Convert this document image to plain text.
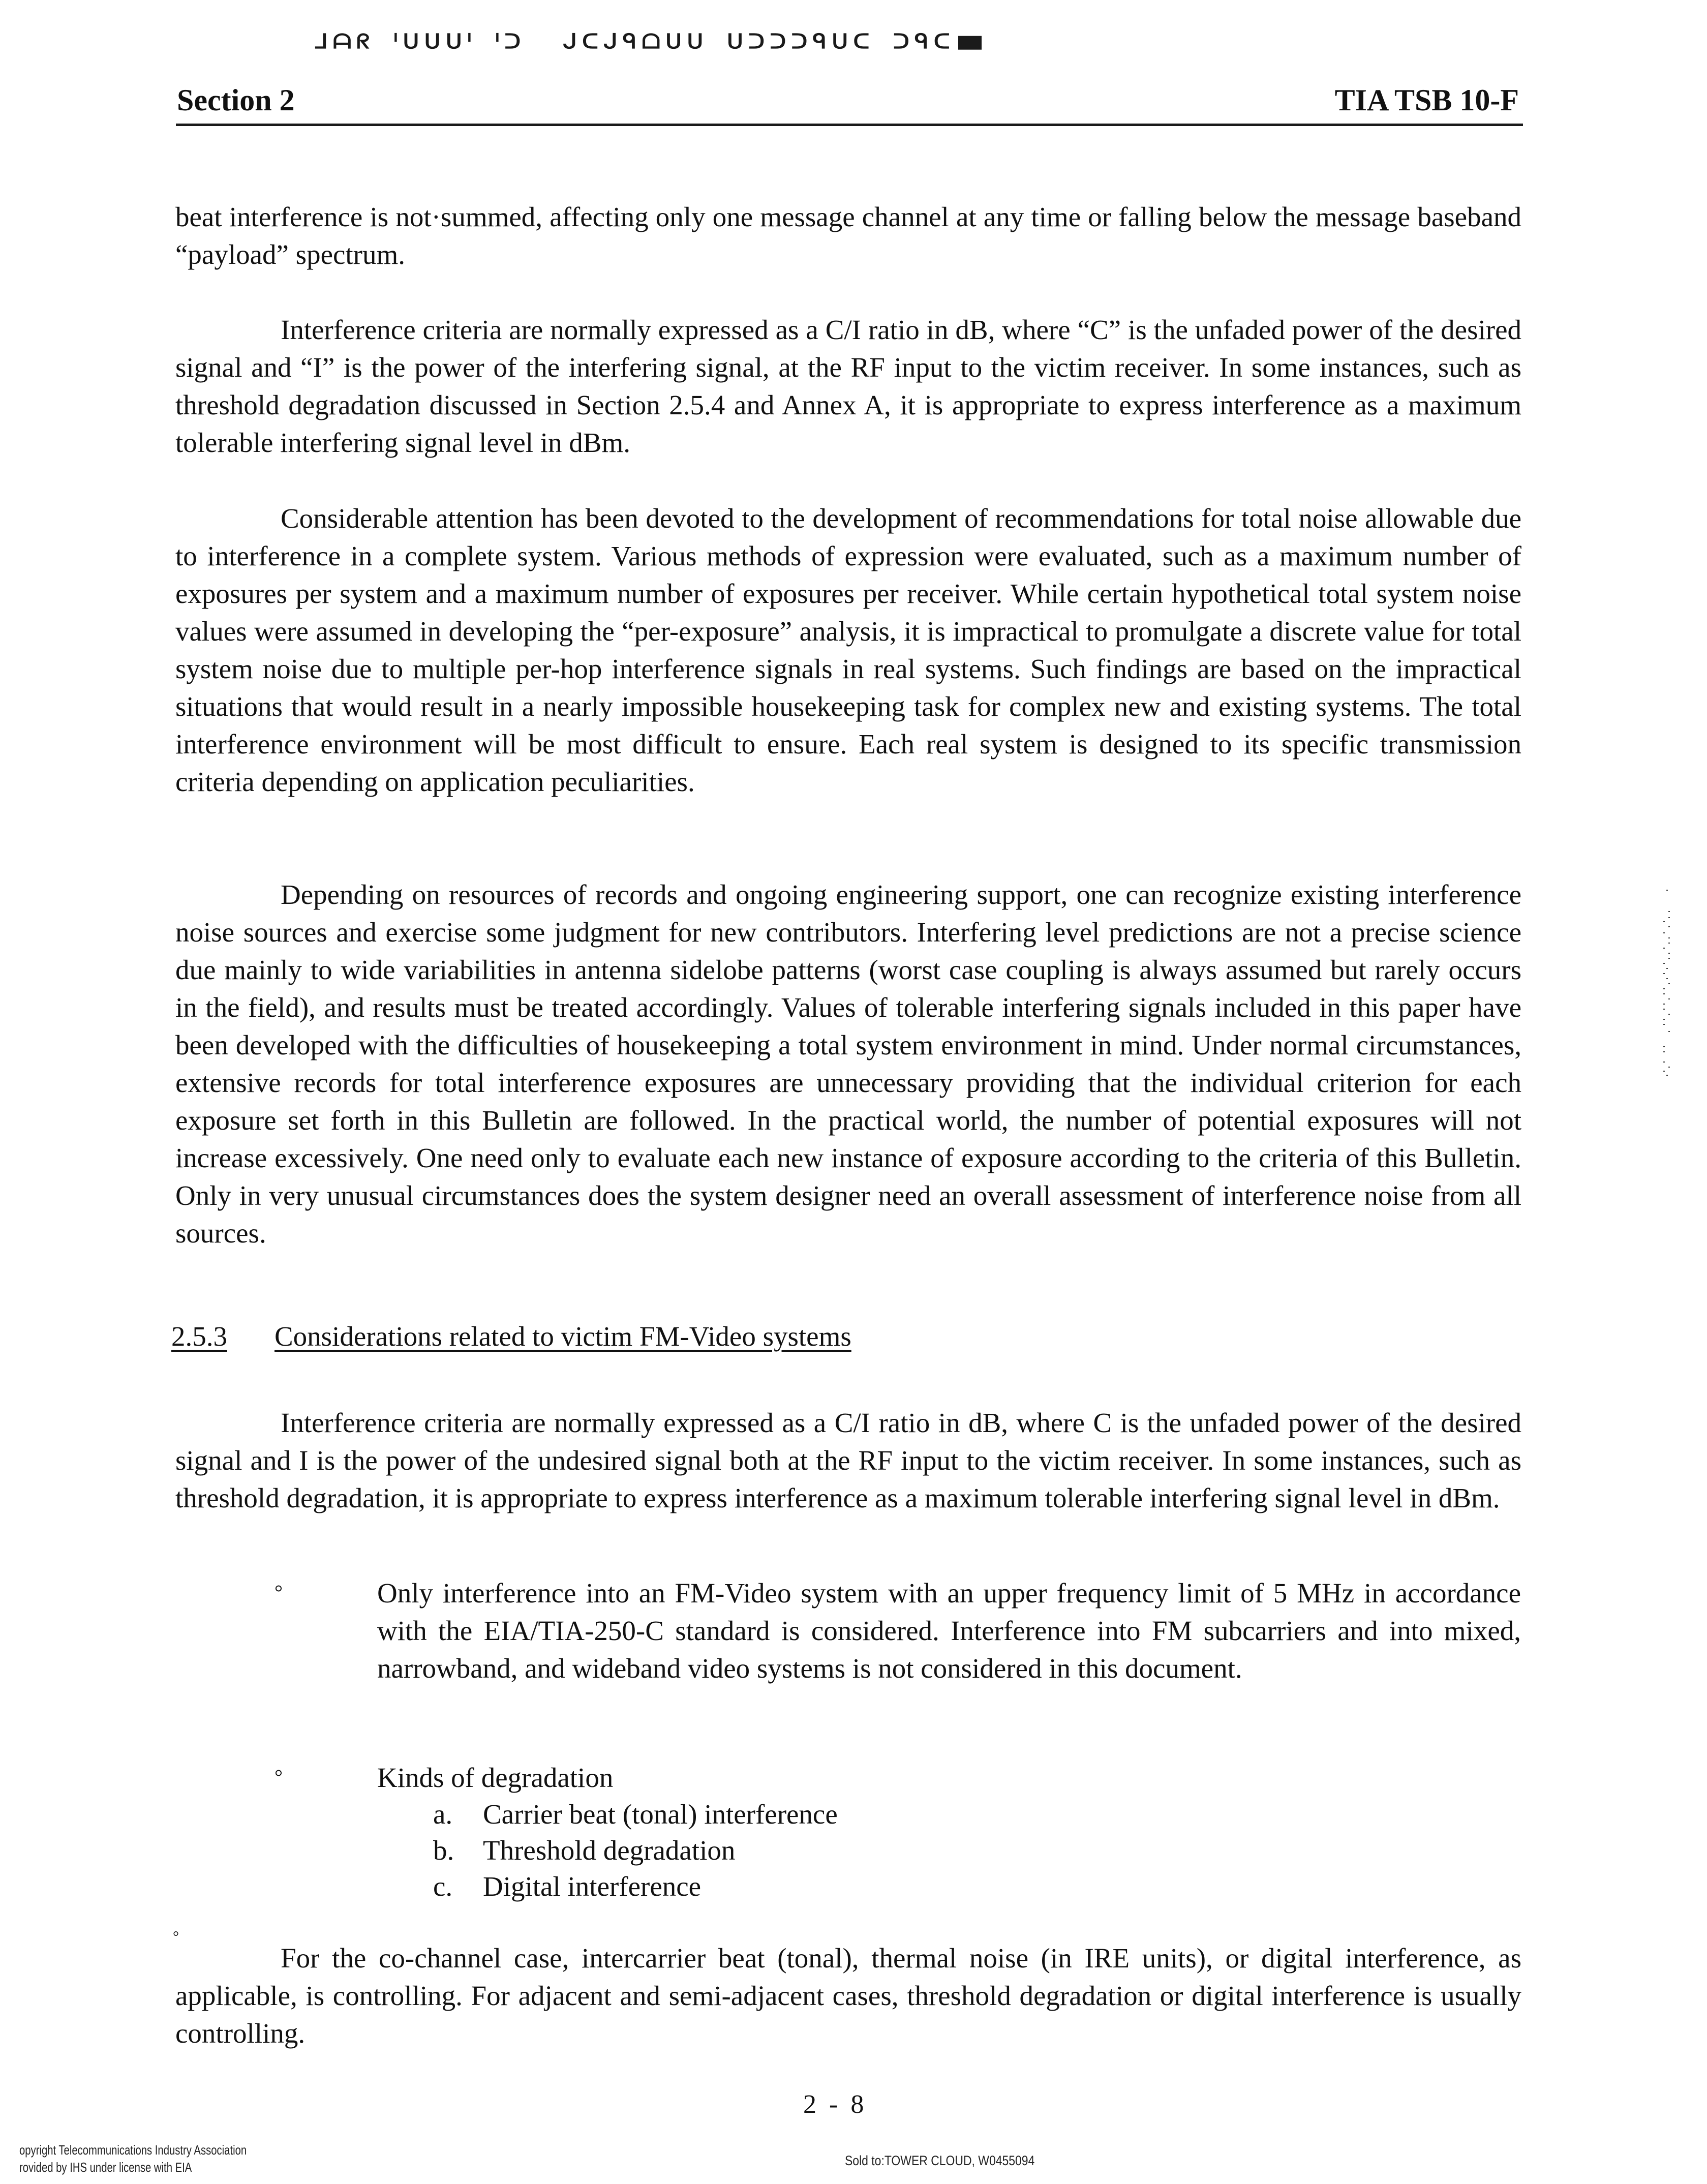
ᒧᗩᖇ ᑊᑌᑌᑌᑊ ᑊᑐ  ᒍᑕᒍᑫᗝᑌᑌ ᑌᑐᑐᑐᑫᑌᑕ ᑐᑫᑕ

Section 2	TIA TSB 10-F

beat interference is not·summed, affecting only one message channel at any time or falling below the message baseband “payload” spectrum.

Interference criteria are normally expressed as a C/I ratio in dB, where “C” is the unfaded power of the desired signal and “I” is the power of the interfering signal, at the RF input to the victim receiver. In some instances, such as threshold degradation discussed in Section 2.5.4 and Annex A, it is appropriate to express interference as a maximum tolerable interfering signal level in dBm.

Considerable attention has been devoted to the development of recommendations for total noise allowable due to interference in a complete system. Various methods of expression were evaluated, such as a maximum number of exposures per system and a maximum number of exposures per receiver. While certain hypothetical total system noise values were assumed in developing the “per-exposure” analysis, it is impractical to promulgate a discrete value for total system noise due to multiple per-hop interference signals in real systems. Such findings are based on the impractical situations that would result in a nearly impossible housekeeping task for complex new and existing systems. The total interference environment will be most difficult to ensure. Each real system is designed to its specific transmission criteria depending on application peculiarities.

Depending on resources of records and ongoing engineering support, one can recognize existing interference noise sources and exercise some judgment for new contributors. Interfering level predictions are not a precise science due mainly to wide variabilities in antenna sidelobe patterns (worst case coupling is always assumed but rarely occurs in the field), and results must be treated accordingly. Values of tolerable interfering signals included in this paper have been developed with the difficulties of housekeeping a total system environment in mind. Under normal circumstances, extensive records for total interference exposures are unnecessary providing that the individual criterion for each exposure set forth in this Bulletin are followed. In the practical world, the number of potential exposures will not increase excessively. One need only to evaluate each new instance of exposure according to the criteria of this Bulletin. Only in very unusual circumstances does the system designer need an overall assessment of interference noise from all sources.

2.5.3 Considerations related to victim FM-Video systems

Interference criteria are normally expressed as a C/I ratio in dB, where C is the unfaded power of the desired signal and I is the power of the undesired signal both at the RF input to the victim receiver. In some instances, such as threshold degradation, it is appropriate to express interference as a maximum tolerable interfering signal level in dBm.

°	Only interference into an FM-Video system with an upper frequency limit of 5 MHz in accordance with the EIA/TIA-250-C standard is considered. Interference into FM subcarriers and into mixed, narrowband, and wideband video systems is not considered in this document.

°	Kinds of degradation

a. Carrier beat (tonal) interference
b. Threshold degradation
c. Digital interference
°

For the co-channel case, intercarrier beat (tonal), thermal noise (in IRE units), or digital interference, as applicable, is controlling. For adjacent and semi-adjacent cases, threshold degradation or digital interference is usually controlling.

2 - 8
opyright Telecommunications Industry Association
rovided by IHS under license with EIA	Sold to:TOWER CLOUD, W0455094
